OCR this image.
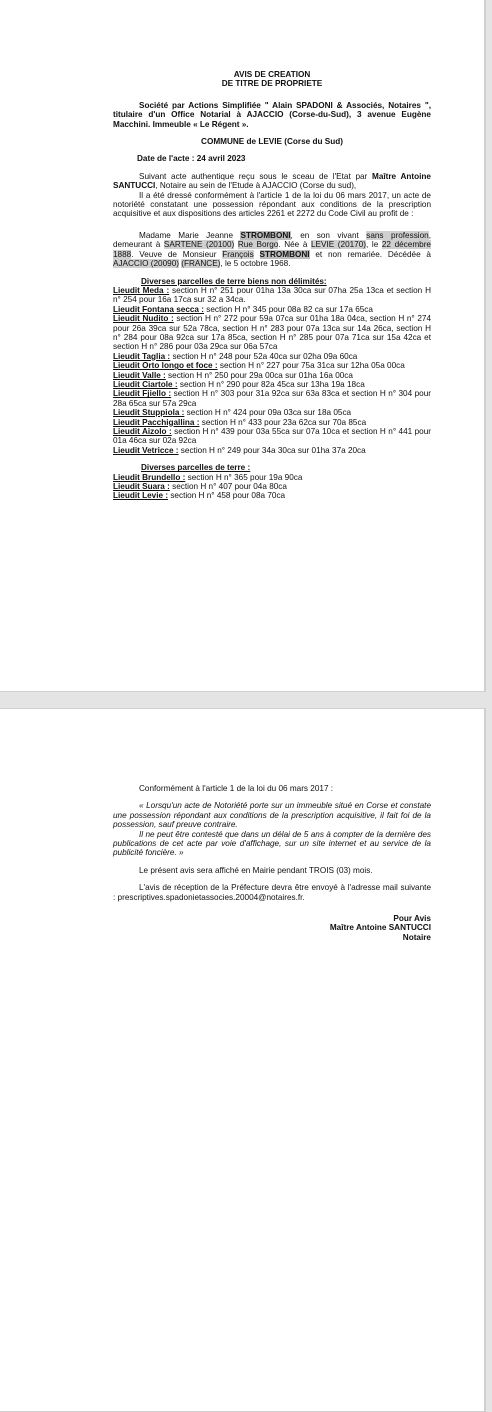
AVIS DE CREATION

DE TITRE DE PROPRIETE

Société par Actions Simplifiée " Alain SPADONI & Associés, Notaires ", titulaire d'un Office Notarial à AJACCIO (Corse-du-Sud), 3 avenue Eugène Macchini. Immeuble « Le Régent ».

COMMUNE de LEVIE (Corse du Sud)

Date de l'acte : 24 avril 2023

Suivant acte authentique reçu sous le sceau de l'Etat par Maître Antoine SANTUCCI, Notaire au sein de l'Etude à AJACCIO (Corse du sud),

Il a été dressé conformément à l'article 1 de la loi du 06 mars 2017, un acte de notoriété constatant une possession répondant aux conditions de la prescription acquisitive et aux dispositions des articles 2261 et 2272 du Code Civil au profit de :

Madame Marie Jeanne STROMBONI, en son vivant sans profession, demeurant à SARTENE (20100) Rue Borgo. Née à LEVIE (20170), le 22 décembre 1888. Veuve de Monsieur François STROMBONI et non remariée. Décédée à AJACCIO (20090) (FRANCE), le 5 octobre 1968.

Diverses parcelles de terre biens non délimités:

Lieudit Meda : section H n° 251 pour 01ha 13a 30ca sur 07ha 25a 13ca et section H n° 254 pour 16a 17ca sur 32 a 34ca.

Lieudit Fontana secca : section H n° 345 pour 08a 82 ca sur 17a 65ca

Lieudit Nudito : section H n° 272 pour 59a 07ca sur 01ha 18a 04ca, section H n° 274 pour 26a 39ca sur 52a 78ca, section H n° 283 pour 07a 13ca sur 14a 26ca, section H n° 284 pour 08a 92ca sur 17a 85ca, section H n° 285 pour 07a 71ca sur 15a 42ca et section H n° 286 pour 03a 29ca sur 06a 57ca

Lieudit Taglia : section H n° 248 pour 52a 40ca sur 02ha 09a 60ca

Lieudit Orto longo et foce : section H n° 227 pour 75a 31ca sur 12ha 05a 00ca

Lieudit Valle : section H n° 250 pour 29a 00ca sur 01ha 16a 00ca

Lieudit Ciartole : section H n° 290 pour 82a 45ca sur 13ha 19a 18ca

Lieudit Fjiello : section H n° 303 pour 31a 92ca sur 63a 83ca et section H n° 304 pour 28a 65ca sur 57a 29ca

Lieudit Stuppiola : section H n° 424 pour 09a 03ca sur 18a 05ca

Lieudit Pacchigallina : section H n° 433 pour 23a 62ca sur 70a 85ca

Lieudit Aizolo : section H n° 439 pour 03a 55ca sur 07a 10ca et section H n° 441 pour 01a 46ca sur 02a 92ca

Lieudit Vetricce : section H n° 249 pour 34a 30ca sur 01ha 37a 20ca

Diverses parcelles de terre :

Lieudit Brundello : section H n° 365 pour 19a 90ca

Lieudit Suara : section H n° 407 pour 04a 80ca

Lieudit Levie : section H n° 458 pour 08a 70ca

Conformément à l'article 1 de la loi du 06 mars 2017 :

« Lorsqu'un acte de Notoriété porte sur un immeuble situé en Corse et constate une possession répondant aux conditions de la prescription acquisitive, il fait foi de la possession, sauf preuve contraire.

Il ne peut être contesté que dans un délai de 5 ans à compter de la dernière des publications de cet acte par voie d'affichage, sur un site internet et au service de la publicité foncière. »

Le présent avis sera affiché en Mairie pendant TROIS (03) mois.

L'avis de réception de la Préfecture devra être envoyé à l'adresse mail suivante : prescriptives.spadonietassocies.20004@notaires.fr.

Pour Avis

Maître Antoine SANTUCCI

Notaire
